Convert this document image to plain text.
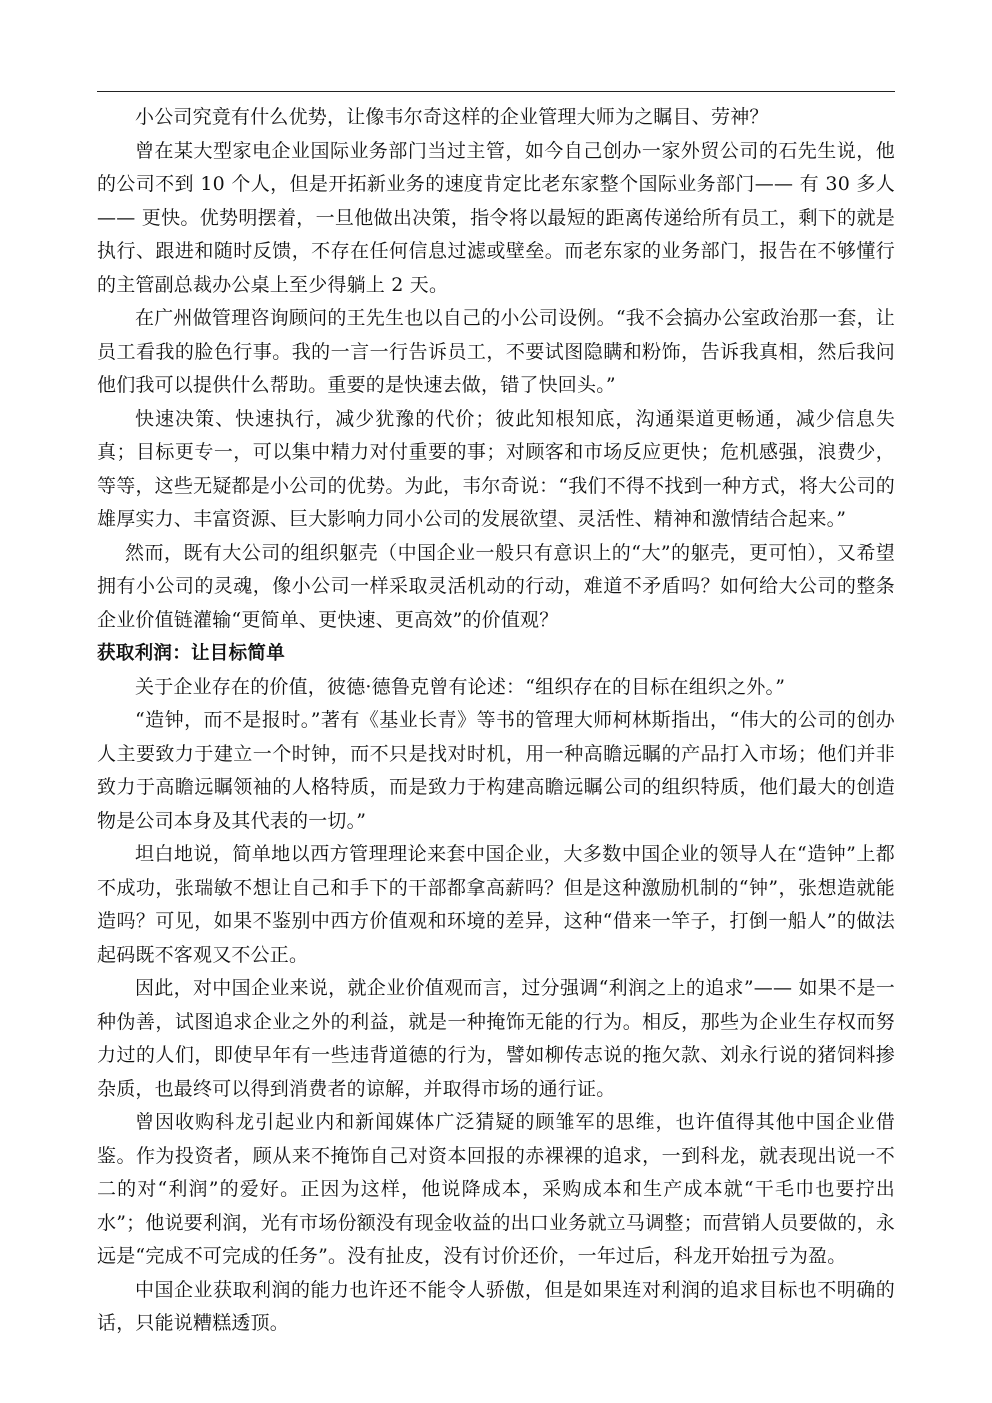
小公司究竟有什么优势，让像韦尔奇这样的企业管理大师为之瞩目、劳神？

曾在某大型家电企业国际业务部门当过主管，如今自己创办一家外贸公司的石先生说，他的公司不到 10 个人，但是开拓新业务的速度肯定比老东家整个国际业务部门—— 有 30 多人—— 更快。优势明摆着，一旦他做出决策，指令将以最短的距离传递给所有员工，剩下的就是执行、跟进和随时反馈，不存在任何信息过滤或壁垒。而老东家的业务部门，报告在不够懂行的主管副总裁办公桌上至少得躺上 2 天。

在广州做管理咨询顾问的王先生也以自己的小公司设例。“我不会搞办公室政治那一套，让员工看我的脸色行事。我的一言一行告诉员工，不要试图隐瞒和粉饰，告诉我真相，然后我问他们我可以提供什么帮助。重要的是快速去做，错了快回头。”

快速决策、快速执行，减少犹豫的代价；彼此知根知底，沟通渠道更畅通，减少信息失真；目标更专一，可以集中精力对付重要的事；对顾客和市场反应更快；危机感强，浪费少，等等，这些无疑都是小公司的优势。为此，韦尔奇说：“我们不得不找到一种方式，将大公司的雄厚实力、丰富资源、巨大影响力同小公司的发展欲望、灵活性、精神和激情结合起来。”

然而，既有大公司的组织躯壳（中国企业一般只有意识上的“大”的躯壳，更可怕），又希望拥有小公司的灵魂，像小公司一样采取灵活机动的行动，难道不矛盾吗？如何给大公司的整条企业价值链灌输“更简单、更快速、更高效”的价值观？

获取利润：让目标简单

关于企业存在的价值，彼德·德鲁克曾有论述：“组织存在的目标在组织之外。”

“造钟，而不是报时。”著有《基业长青》等书的管理大师柯林斯指出，“伟大的公司的创办人主要致力于建立一个时钟，而不只是找对时机，用一种高瞻远瞩的产品打入市场；他们并非致力于高瞻远瞩领袖的人格特质，而是致力于构建高瞻远瞩公司的组织特质，他们最大的创造物是公司本身及其代表的一切。”

坦白地说，简单地以西方管理理论来套中国企业，大多数中国企业的领导人在“造钟”上都不成功，张瑞敏不想让自己和手下的干部都拿高薪吗？但是这种激励机制的“钟”，张想造就能造吗？可见，如果不鉴别中西方价值观和环境的差异，这种“借来一竿子，打倒一船人”的做法起码既不客观又不公正。

因此，对中国企业来说，就企业价值观而言，过分强调“利润之上的追求”—— 如果不是一种伪善，试图追求企业之外的利益，就是一种掩饰无能的行为。相反，那些为企业生存权而努力过的人们，即使早年有一些违背道德的行为，譬如柳传志说的拖欠款、刘永行说的猪饲料掺杂质，也最终可以得到消费者的谅解，并取得市场的通行证。

曾因收购科龙引起业内和新闻媒体广泛猜疑的顾雏军的思维，也许值得其他中国企业借鉴。作为投资者，顾从来不掩饰自己对资本回报的赤裸裸的追求，一到科龙，就表现出说一不二的对“利润”的爱好。正因为这样，他说降成本，采购成本和生产成本就“干毛巾也要拧出水”；他说要利润，光有市场份额没有现金收益的出口业务就立马调整；而营销人员要做的，永远是“完成不可完成的任务”。没有扯皮，没有讨价还价，一年过后，科龙开始扭亏为盈。

中国企业获取利润的能力也许还不能令人骄傲，但是如果连对利润的追求目标也不明确的话，只能说糟糕透顶。
